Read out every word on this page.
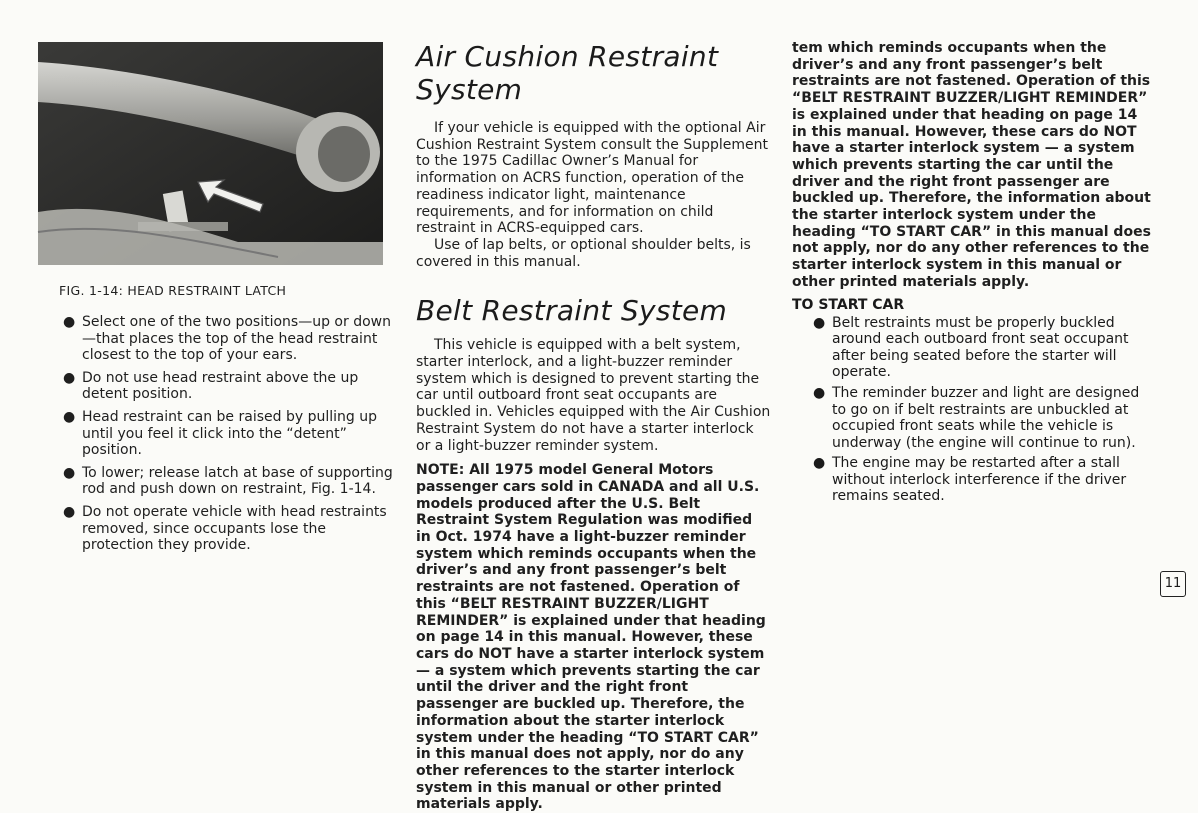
FIG. 1-14: HEAD RESTRAINT LATCH
● Select one of the two positions—up or down—that places the top of the head restraint closest to the top of your ears.
● Do not use head restraint above the up detent position.
● Head restraint can be raised by pulling up until you feel it click into the “detent” position.
● To lower; release latch at base of supporting rod and push down on restraint, Fig. 1-14.
● Do not operate vehicle with head restraints removed, since occupants lose the protection they provide.
Air Cushion Restraint System

If your vehicle is equipped with the optional Air Cushion Restraint System consult the Supplement to the 1975 Cadillac Owner’s Manual for information on ACRS function, operation of the readiness indicator light, maintenance requirements, and for information on child restraint in ACRS-equipped cars.

Use of lap belts, or optional shoulder belts, is covered in this manual.

Belt Restraint System

This vehicle is equipped with a belt system, starter interlock, and a light-buzzer reminder system which is designed to prevent starting the car until outboard front seat occupants are buckled in. Vehicles equipped with the Air Cushion Restraint System do not have a starter interlock or a light-buzzer reminder system.

NOTE: All 1975 model General Motors passenger cars sold in CANADA and all U.S. models produced after the U.S. Belt Restraint System Regulation was modified in Oct. 1974 have a light-buzzer reminder system which reminds occupants when the driver’s and any front passenger’s belt restraints are not fastened. Operation of this “BELT RESTRAINT BUZZER/LIGHT REMINDER” is explained under that heading on page 14 in this manual. However, these cars do NOT have a starter interlock system — a system which prevents starting the car until the driver and the right front passenger are buckled up. Therefore, the information about the starter interlock system under the heading “TO START CAR” in this manual does not apply, nor do any other references to the starter interlock system in this manual or other printed materials apply.

tem which reminds occupants when the driver’s and any front passenger’s belt restraints are not fastened. Operation of this “BELT RESTRAINT BUZZER/LIGHT REMINDER” is explained under that heading on page 14 in this manual. However, these cars do NOT have a starter interlock system — a system which prevents starting the car until the driver and the right front passenger are buckled up. Therefore, the information about the starter interlock system under the heading “TO START CAR” in this manual does not apply, nor do any other references to the starter interlock system in this manual or other printed materials apply.

TO START CAR
● Belt restraints must be properly buckled around each outboard front seat occupant after being seated before the starter will operate.
● The reminder buzzer and light are designed to go on if belt restraints are unbuckled at occupied front seats while the vehicle is underway (the engine will continue to run).
● The engine may be restarted after a stall without interlock interference if the driver remains seated.
11
